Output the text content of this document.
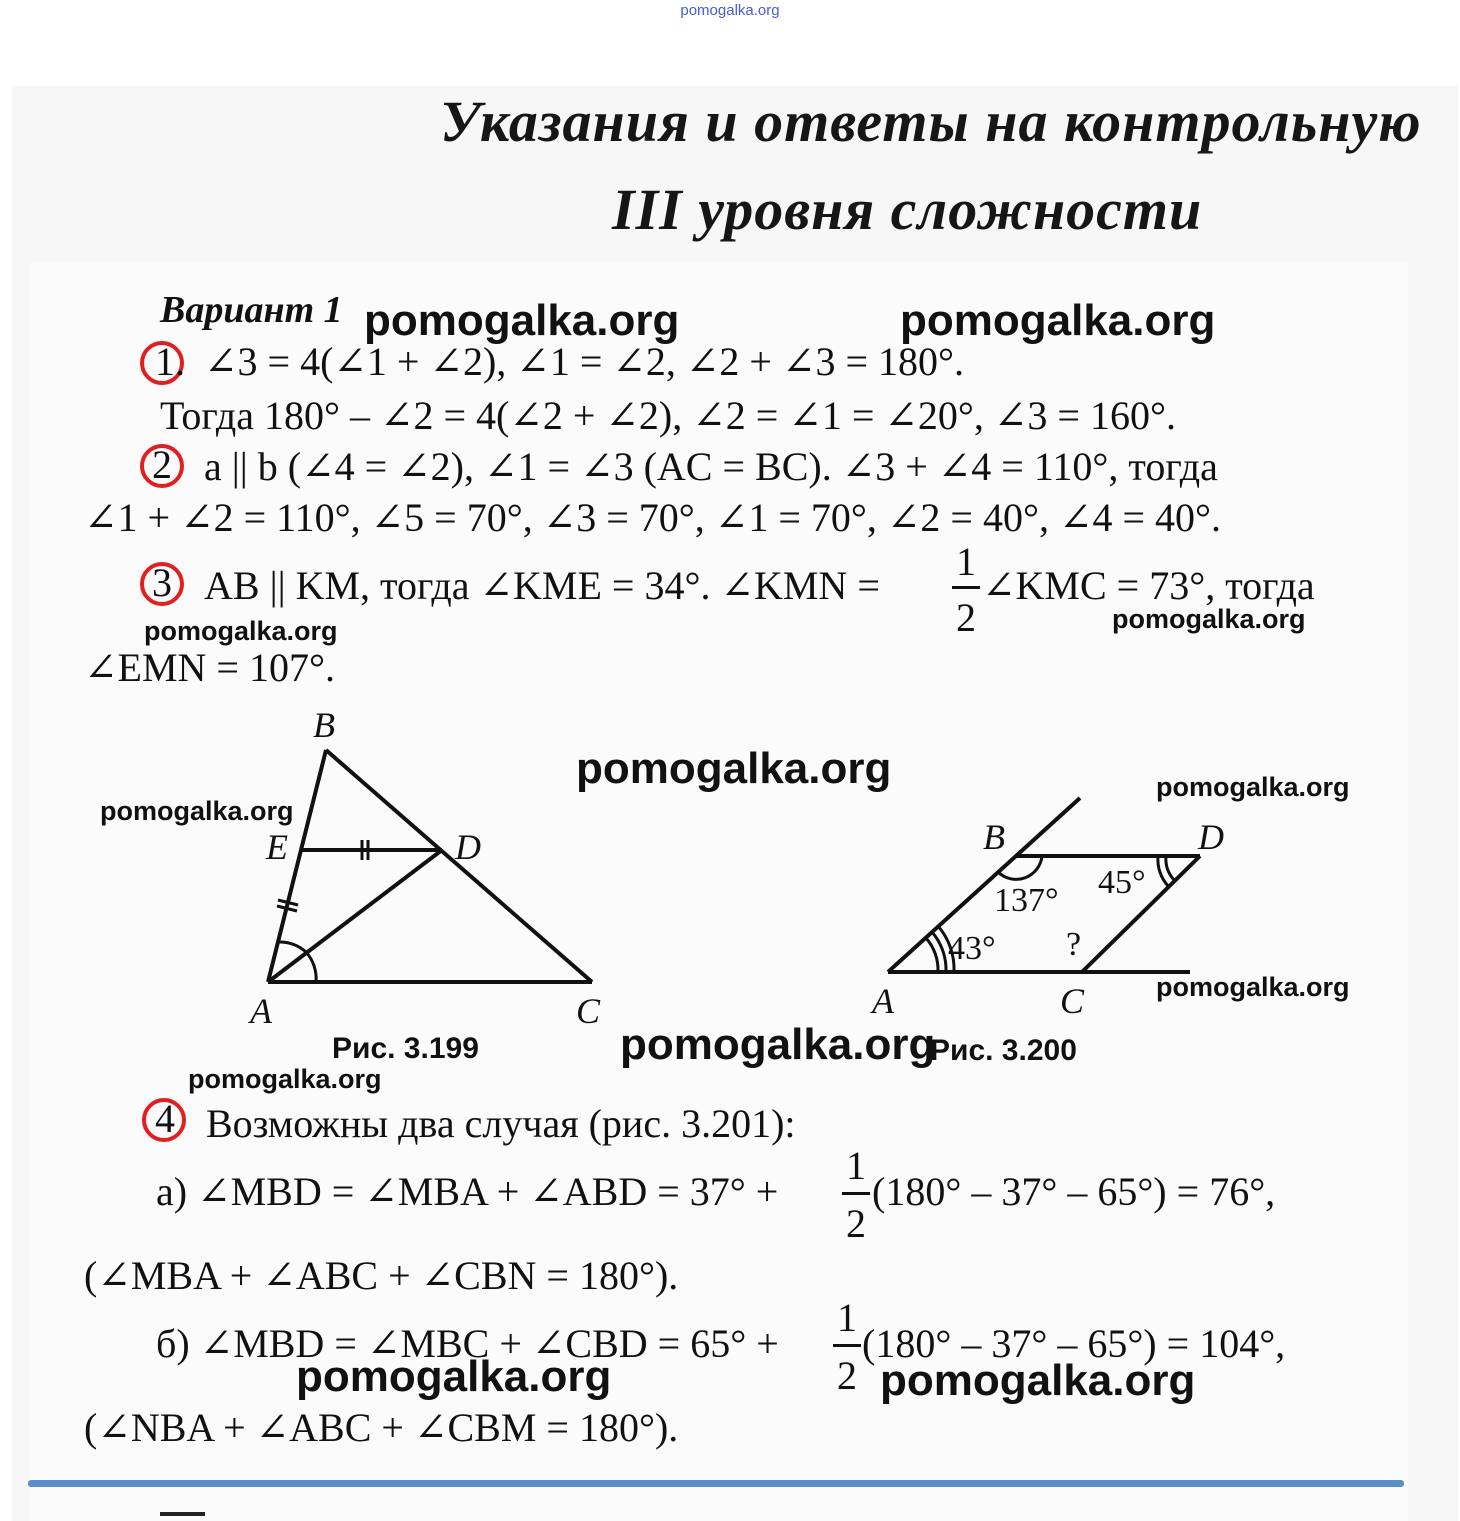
pomogalka.org
Указания и ответы на контрольную
III уровня сложности
Вариант 1
1. ∠3 = 4(∠1 + ∠2), ∠1 = ∠2, ∠2 + ∠3 = 180°.
Тогда 180° – ∠2 = 4(∠2 + ∠2), ∠2 = ∠1 = ∠20°, ∠3 = 160°.
2 a || b (∠4 = ∠2), ∠1 = ∠3 (AC = BC). ∠3 + ∠4 = 110°, тогда
∠1 + ∠2 = 110°, ∠5 = 70°, ∠3 = 70°, ∠1 = 70°, ∠2 = 40°, ∠4 = 40°.
3 AB || KM, тогда ∠KME = 34°. ∠KMN =
1
2
∠KMC = 73°, тогда
∠EMN = 107°.
B
E	D
A	C
Рис. 3.199
B	D
A	C
137° 45°
43° ?
Рис. 3.200
4 Возможны два случая (рис. 3.201):
а) ∠MBD = ∠MBA + ∠ABD = 37° +
1
2
(180° – 37° – 65°) = 76°,
(∠MBA + ∠ABC + ∠CBN = 180°).
б) ∠MBD = ∠MBC + ∠CBD = 65° +
1
2
(180° – 37° – 65°) = 104°,
(∠NBA + ∠ABC + ∠CBM = 180°).
pomogalka.org	pomogalka.org
pomogalka.org	pomogalka.org
pomogalka.org
pomogalka.org
pomogalka.org
pomogalka.org
pomogalka.org
pomogalka.org
pomogalka.org	pomogalka.org
